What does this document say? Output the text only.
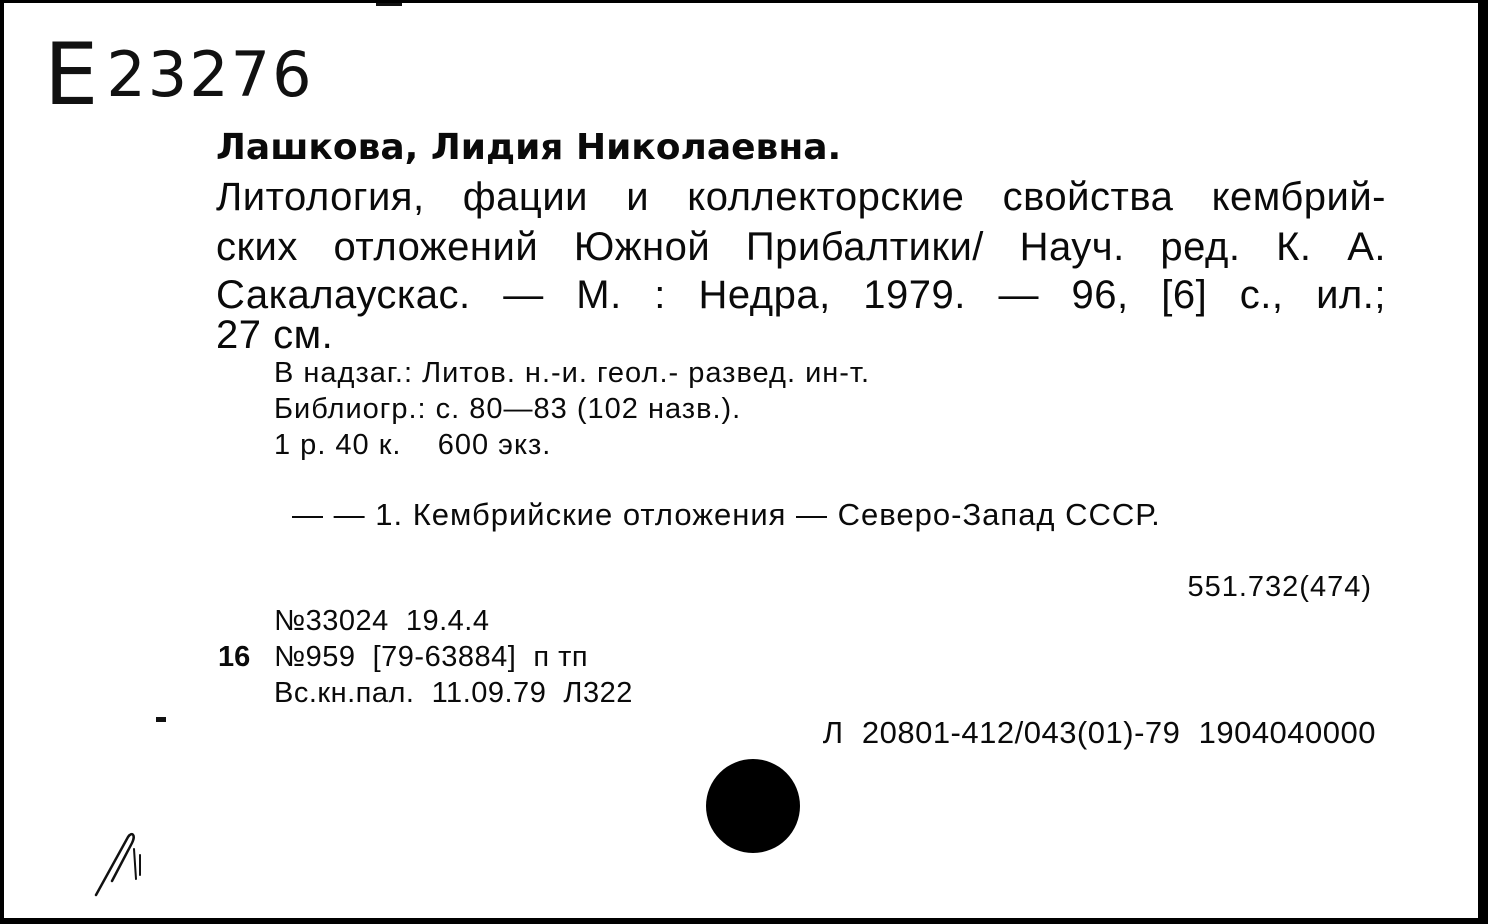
Е23276
Лашкова, Лидия Николаевна.
Литология, фации и коллекторские свойства кембрий-
ских отложений Южной Прибалтики/ Науч. ред. К. А.
Сакалаускас. — М. : Недра, 1979. — 96, [6] с., ил.;
27 см.
В надзаг.: Литов. н.-и. геол.- развед. ин-т.
Библиогр.: с. 80—83 (102 назв.).
1 р. 40 к.    600 экз.
— — 1. Кембрийские отложения — Северо-Запад СССР.
551.732(474)
№33024  19.4.4
16 №959  [79-63884]  п тп
Вс.кн.пал.  11.09.79  Л322
Л  20801-412/043(01)-79  1904040000
